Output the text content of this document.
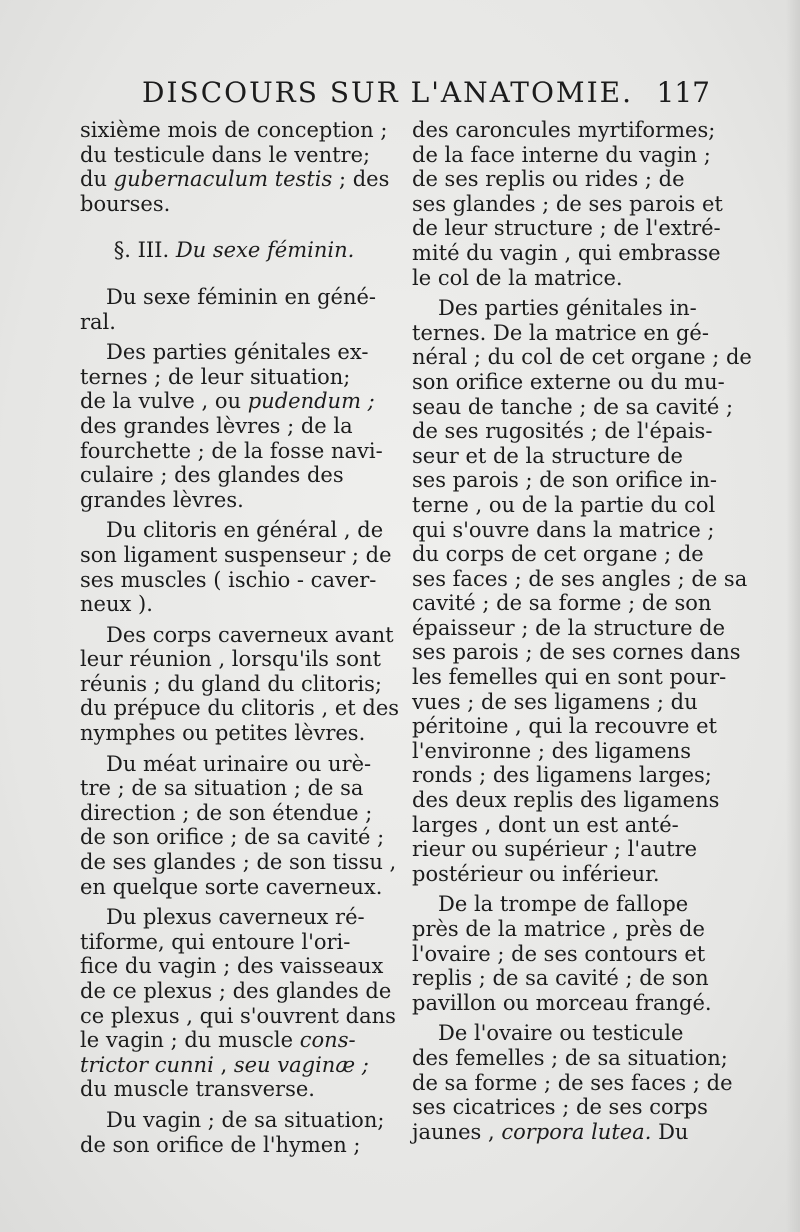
DISCOURS SUR L'ANATOMIE. 117
sixième mois de conception ;
du testicule dans le ventre;
du gubernaculum testis ; des
bourses.
§. III. Du sexe féminin.
Du sexe féminin en géné-
ral.
Des parties génitales ex-
ternes ; de leur situation;
de la vulve , ou pudendum ;
des grandes lèvres ; de la
fourchette ; de la fosse navi-
culaire ; des glandes des
grandes lèvres.
Du clitoris en général , de
son ligament suspenseur ; de
ses muscles ( ischio - caver-
neux ).
Des corps caverneux avant
leur réunion , lorsqu'ils sont
réunis ; du gland du clitoris;
du prépuce du clitoris , et des
nymphes ou petites lèvres.
Du méat urinaire ou urè-
tre ; de sa situation ; de sa
direction ; de son étendue ;
de son orifice ; de sa cavité ;
de ses glandes ; de son tissu ,
en quelque sorte caverneux.
Du plexus caverneux ré-
tiforme, qui entoure l'ori-
fice du vagin ; des vaisseaux
de ce plexus ; des glandes de
ce plexus , qui s'ouvrent dans
le vagin ; du muscle cons-
trictor cunni , seu vaginæ ;
du muscle transverse.
Du vagin ; de sa situation;
de son orifice de l'hymen ;
des caroncules myrtiformes;
de la face interne du vagin ;
de ses replis ou rides ; de
ses glandes ; de ses parois et
de leur structure ; de l'extré-
mité du vagin , qui embrasse
le col de la matrice.
Des parties génitales in-
ternes. De la matrice en gé-
néral ; du col de cet organe ; de
son orifice externe ou du mu-
seau de tanche ; de sa cavité ;
de ses rugosités ; de l'épais-
seur et de la structure de
ses parois ; de son orifice in-
terne , ou de la partie du col
qui s'ouvre dans la matrice ;
du corps de cet organe ; de
ses faces ; de ses angles ; de sa
cavité ; de sa forme ; de son
épaisseur ; de la structure de
ses parois ; de ses cornes dans
les femelles qui en sont pour-
vues ; de ses ligamens ; du
péritoine , qui la recouvre et
l'environne ; des ligamens
ronds ; des ligamens larges;
des deux replis des ligamens
larges , dont un est anté-
rieur ou supérieur ; l'autre
postérieur ou inférieur.
De la trompe de fallope
près de la matrice , près de
l'ovaire ; de ses contours et
replis ; de sa cavité ; de son
pavillon ou morceau frangé.
De l'ovaire ou testicule
des femelles ; de sa situation;
de sa forme ; de ses faces ; de
ses cicatrices ; de ses corps
jaunes , corpora lutea. Du
